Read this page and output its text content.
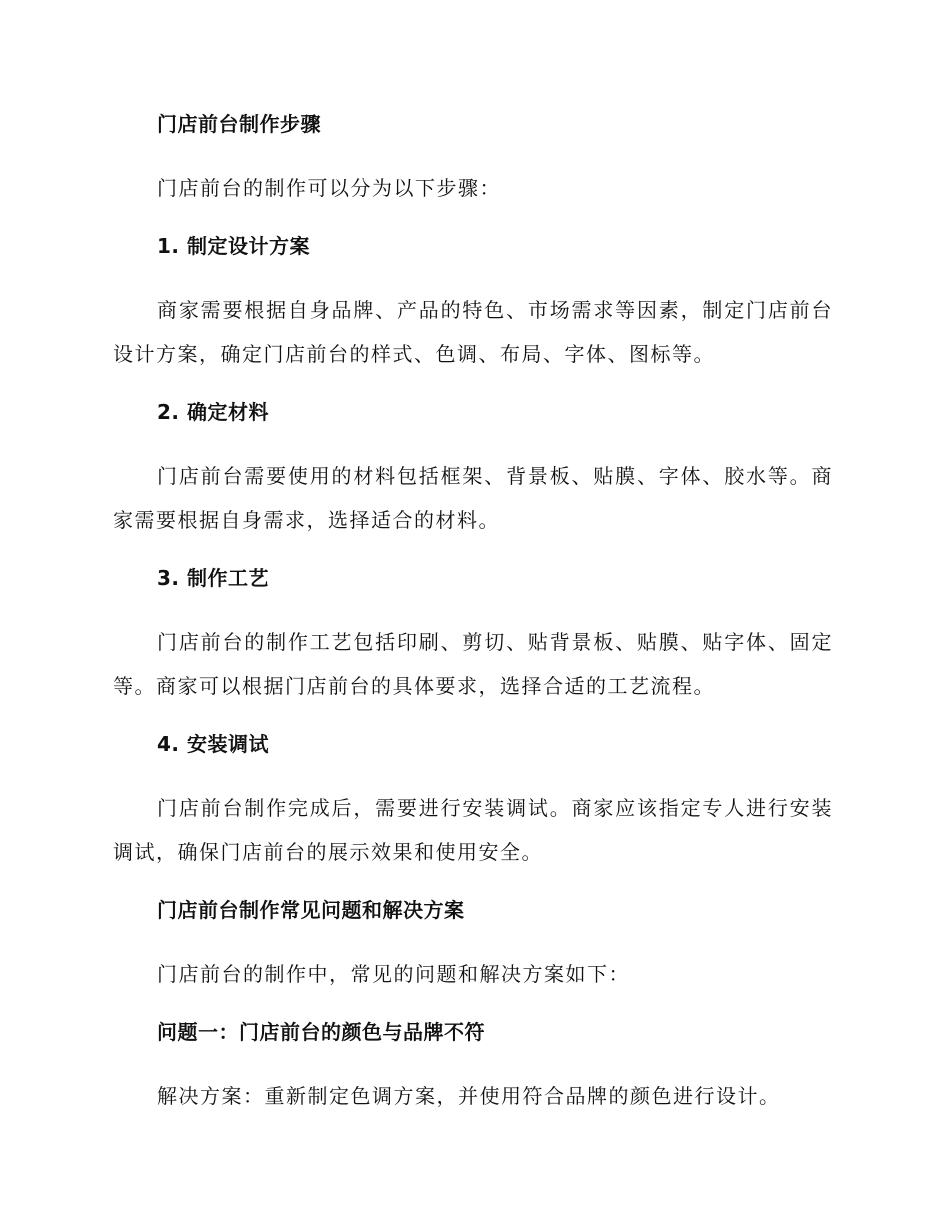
门店前台制作步骤

门店前台的制作可以分为以下步骤：

1. 制定设计方案

商家需要根据自身品牌、产品的特色、市场需求等因素，制定门店前台设计方案，确定门店前台的样式、色调、布局、字体、图标等。

2. 确定材料

门店前台需要使用的材料包括框架、背景板、贴膜、字体、胶水等。商家需要根据自身需求，选择适合的材料。

3. 制作工艺

门店前台的制作工艺包括印刷、剪切、贴背景板、贴膜、贴字体、固定等。商家可以根据门店前台的具体要求，选择合适的工艺流程。

4. 安装调试

门店前台制作完成后，需要进行安装调试。商家应该指定专人进行安装调试，确保门店前台的展示效果和使用安全。

门店前台制作常见问题和解决方案

门店前台的制作中，常见的问题和解决方案如下：

问题一：门店前台的颜色与品牌不符

解决方案：重新制定色调方案，并使用符合品牌的颜色进行设计。
